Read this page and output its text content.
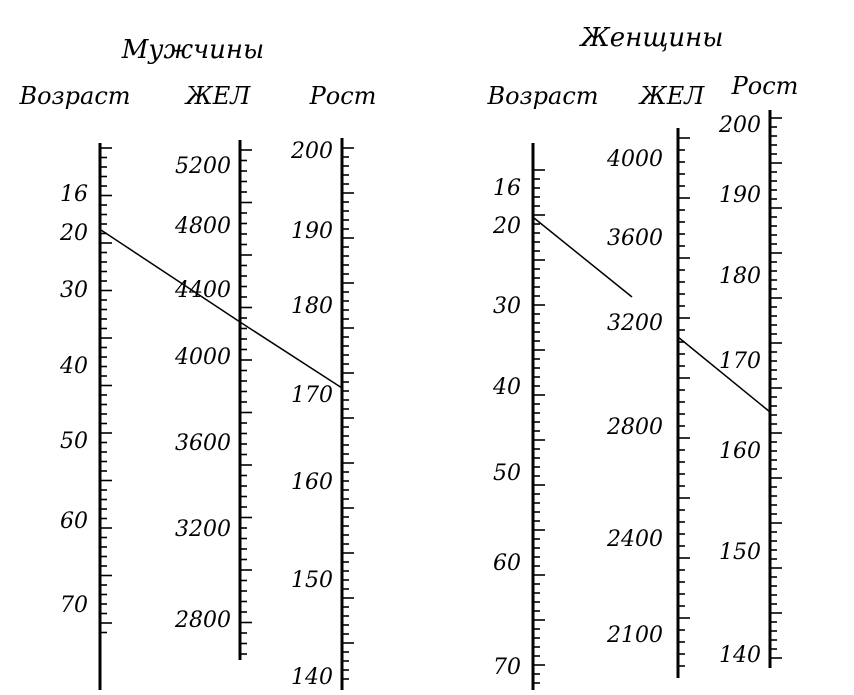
Мужчины
Возраст ЖЕЛ Рост
16
20
30
40
50
60
70
5200
4800
4400
4000
3600
3200
2800
200
190
180
170
160
150
140
Женщины
Возраст ЖЕЛ Рост
16
20
30
40
50
60
70
4000
3600
3200
2800
2400
2100
200
190
180
170
160
150
140
